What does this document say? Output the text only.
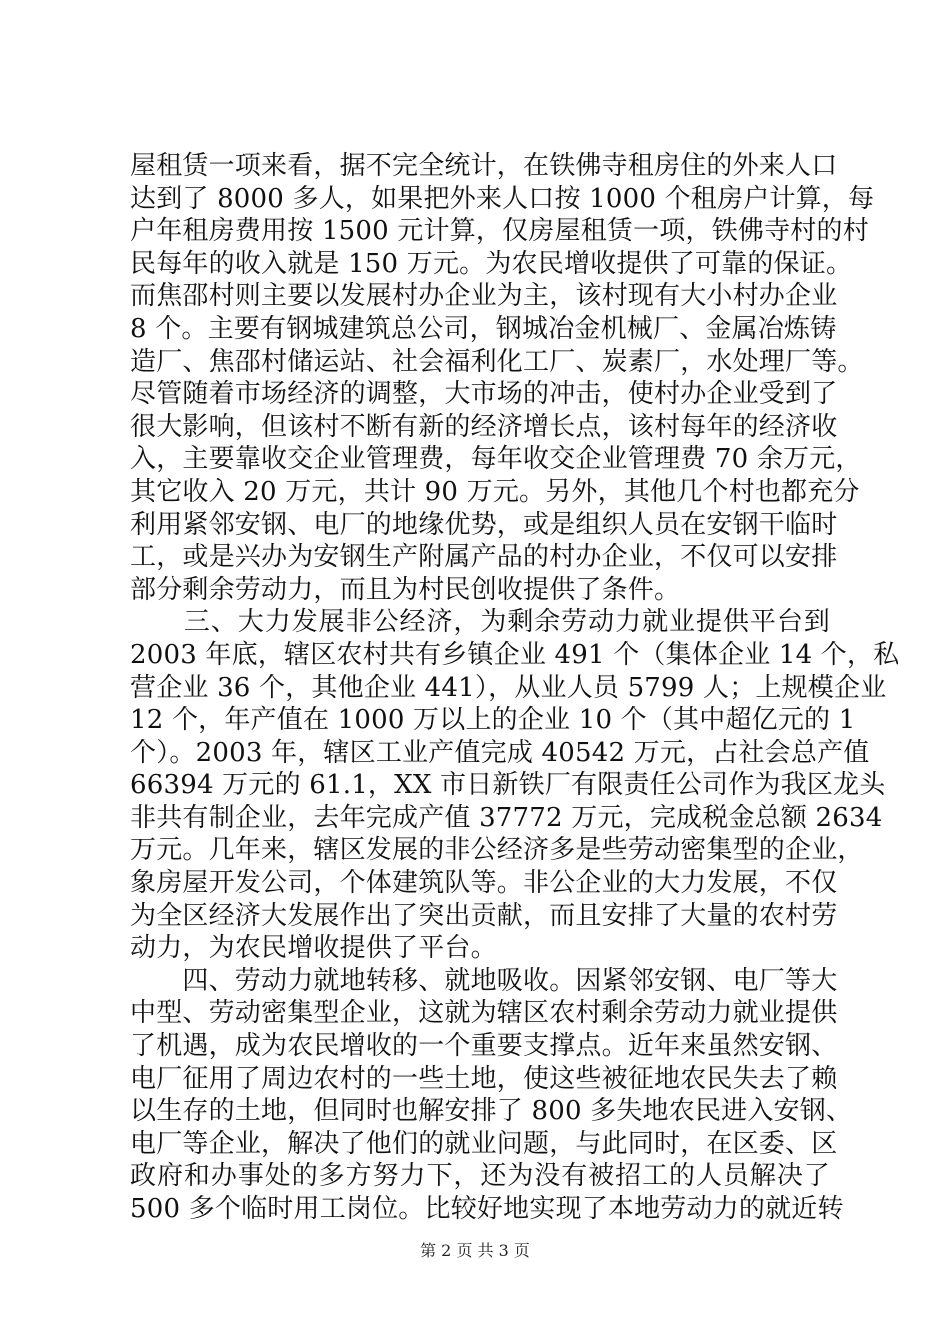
屋租赁一项来看，据不完全统计，在铁佛寺租房住的外来人口
达到了 8000 多人，如果把外来人口按 1000 个租房户计算，每
户年租房费用按 1500 元计算，仅房屋租赁一项，铁佛寺村的村
民每年的收入就是 150 万元。为农民增收提供了可靠的保证。
而焦邵村则主要以发展村办企业为主，该村现有大小村办企业
8 个。主要有钢城建筑总公司，钢城冶金机械厂、金属冶炼铸
造厂、焦邵村储运站、社会福利化工厂、炭素厂，水处理厂等。
尽管随着市场经济的调整，大市场的冲击，使村办企业受到了
很大影响，但该村不断有新的经济增长点，该村每年的经济收
入，主要靠收交企业管理费，每年收交企业管理费 70 余万元，
其它收入 20 万元，共计 90 万元。另外，其他几个村也都充分
利用紧邻安钢、电厂的地缘优势，或是组织人员在安钢干临时
工，或是兴办为安钢生产附属产品的村办企业，不仅可以安排
部分剩余劳动力，而且为村民创收提供了条件。
　　三、大力发展非公经济，为剩余劳动力就业提供平台到
2003 年底，辖区农村共有乡镇企业 491 个（集体企业 14 个，私
营企业 36 个，其他企业 441），从业人员 5799 人；上规模企业
12 个，年产值在 1000 万以上的企业 10 个（其中超亿元的 1
个）。2003 年，辖区工业产值完成 40542 万元，占社会总产值
66394 万元的 61.1，XX 市日新铁厂有限责任公司作为我区龙头
非共有制企业，去年完成产值 37772 万元，完成税金总额 2634
万元。几年来，辖区发展的非公经济多是些劳动密集型的企业，
象房屋开发公司，个体建筑队等。非公企业的大力发展，不仅
为全区经济大发展作出了突出贡献，而且安排了大量的农村劳
动力，为农民增收提供了平台。
　　四、劳动力就地转移、就地吸收。因紧邻安钢、电厂等大
中型、劳动密集型企业，这就为辖区农村剩余劳动力就业提供
了机遇，成为农民增收的一个重要支撑点。近年来虽然安钢、
电厂征用了周边农村的一些土地，使这些被征地农民失去了赖
以生存的土地，但同时也解安排了 800 多失地农民进入安钢、
电厂等企业，解决了他们的就业问题，与此同时，在区委、区
政府和办事处的多方努力下，还为没有被招工的人员解决了
500 多个临时用工岗位。比较好地实现了本地劳动力的就近转
第 2 页 共 3 页
